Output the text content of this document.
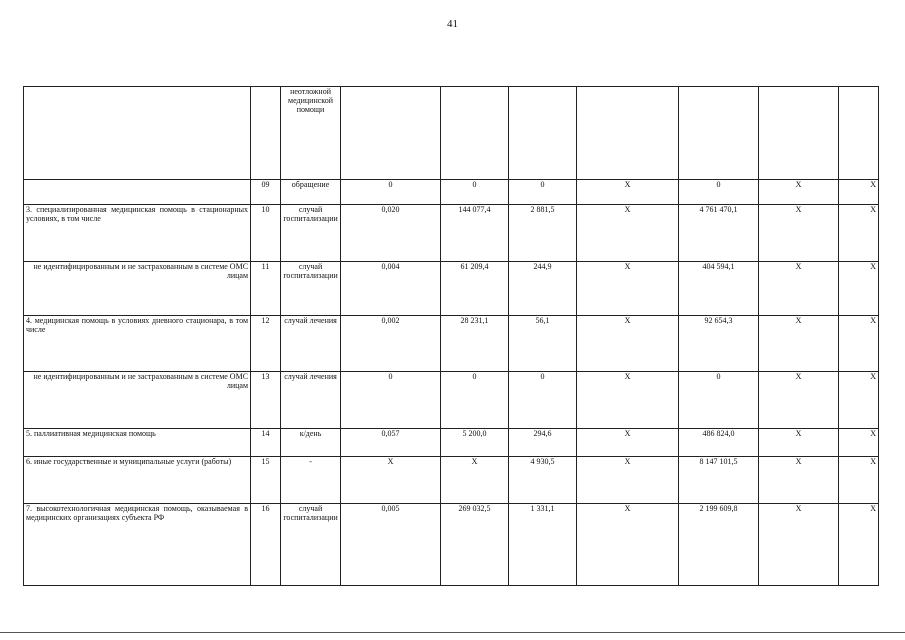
41
		неотложной медицинской помощи							
	09	обращение	0	0	0	Х	0	Х	Х
3. специализированная медицинская помощь в стационарных условиях, в том числе	10	случай госпитализации	0,020	144 077,4	2 881,5	Х	4 761 470,1	Х	Х
не идентифицированным и не застрахованным в системе ОМС лицам	11	случай госпитализации	0,004	61 209,4	244,9	Х	404 594,1	Х	Х
4. медицинская помощь в условиях дневного стационара, в том числе	12	случай лечения	0,002	28 231,1	56,1	Х	92 654,3	Х	Х
не идентифицированным и не застрахованным в системе ОМС лицам	13	случай лечения	0	0	0	Х	0	Х	Х
5. паллиативная медицинская помощь	14	к/день	0,057	5 200,0	294,6	Х	486 824,0	Х	Х
6. иные государственные и муниципальные услуги (работы)	15	-	Х	Х	4 930,5	Х	8 147 101,5	Х	Х
7. высокотехнологичная медицинская помощь, оказываемая в медицинских организациях субъекта РФ	16	случай госпитализации	0,005	269 032,5	1 331,1	Х	2 199 609,8	Х	Х
